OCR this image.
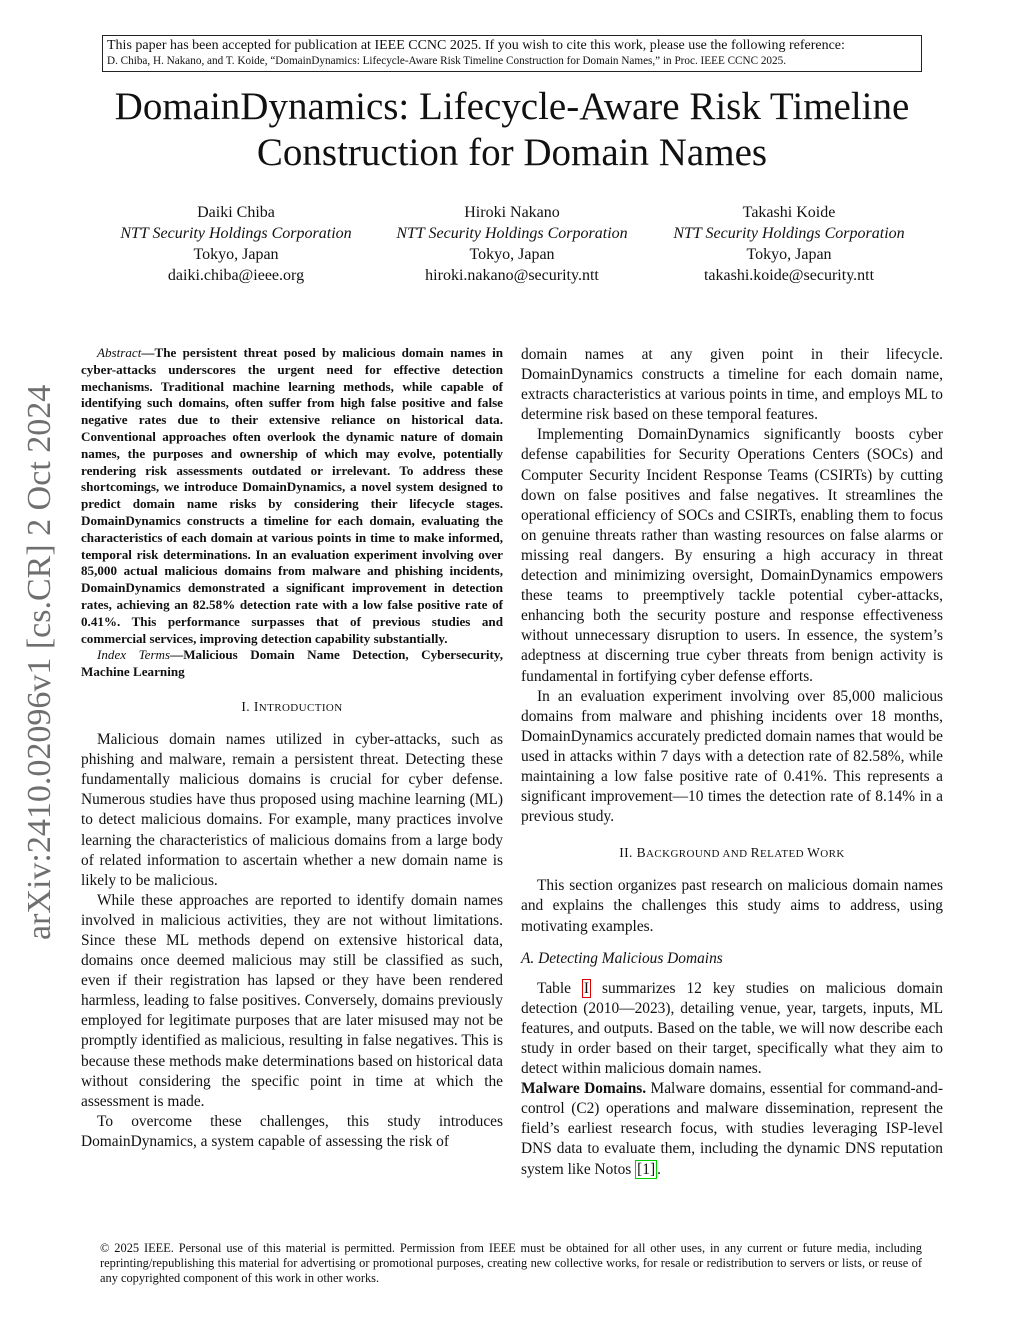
This paper has been accepted for publication at IEEE CCNC 2025. If you wish to cite this work, please use the following reference:
D. Chiba, H. Nakano, and T. Koide, “DomainDynamics: Lifecycle-Aware Risk Timeline Construction for Domain Names,” in Proc. IEEE CCNC 2025.
DomainDynamics: Lifecycle-Aware Risk Timeline
Construction for Domain Names
Daiki Chiba
NTT Security Holdings Corporation
Tokyo, Japan
daiki.chiba@ieee.org
Hiroki Nakano
NTT Security Holdings Corporation
Tokyo, Japan
hiroki.nakano@security.ntt
Takashi Koide
NTT Security Holdings Corporation
Tokyo, Japan
takashi.koide@security.ntt
arXiv:2410.02096v1 [cs.CR] 2 Oct 2024

Abstract—The persistent threat posed by malicious domain names in cyber-attacks underscores the urgent need for effective detection mechanisms. Traditional machine learning methods, while capable of identifying such domains, often suffer from high false positive and false negative rates due to their extensive reliance on historical data. Conventional approaches often overlook the dynamic nature of domain names, the purposes and ownership of which may evolve, potentially rendering risk assessments outdated or irrelevant. To address these shortcomings, we introduce DomainDynamics, a novel system designed to predict domain name risks by considering their lifecycle stages. DomainDynamics constructs a timeline for each domain, evaluating the characteristics of each domain at various points in time to make informed, temporal risk determinations. In an evaluation experiment involving over 85,000 actual malicious domains from malware and phishing incidents, DomainDynamics demonstrated a significant improvement in detection rates, achieving an 82.58% detection rate with a low false positive rate of 0.41%. This performance surpasses that of previous studies and commercial services, improving detection capability substantially.

Index Terms—Malicious Domain Name Detection, Cybersecurity, Machine Learning

I. INTRODUCTION

Malicious domain names utilized in cyber-attacks, such as phishing and malware, remain a persistent threat. Detecting these fundamentally malicious domains is crucial for cyber defense. Numerous studies have thus proposed using machine learning (ML) to detect malicious domains. For example, many practices involve learning the characteristics of malicious domains from a large body of related information to ascertain whether a new domain name is likely to be malicious.

While these approaches are reported to identify domain names involved in malicious activities, they are not without limitations. Since these ML methods depend on extensive historical data, domains once deemed malicious may still be classified as such, even if their registration has lapsed or they have been rendered harmless, leading to false positives. Conversely, domains previously employed for legitimate purposes that are later misused may not be promptly identified as malicious, resulting in false negatives. This is because these methods make determinations based on historical data without considering the specific point in time at which the assessment is made.

To overcome these challenges, this study introduces DomainDynamics, a system capable of assessing the risk of

domain names at any given point in their lifecycle. DomainDynamics constructs a timeline for each domain name, extracts characteristics at various points in time, and employs ML to determine risk based on these temporal features.

Implementing DomainDynamics significantly boosts cyber defense capabilities for Security Operations Centers (SOCs) and Computer Security Incident Response Teams (CSIRTs) by cutting down on false positives and false negatives. It streamlines the operational efficiency of SOCs and CSIRTs, enabling them to focus on genuine threats rather than wasting resources on false alarms or missing real dangers. By ensuring a high accuracy in threat detection and minimizing oversight, DomainDynamics empowers these teams to preemptively tackle potential cyber-attacks, enhancing both the security posture and response effectiveness without unnecessary disruption to users. In essence, the system’s adeptness at discerning true cyber threats from benign activity is fundamental in fortifying cyber defense efforts.

In an evaluation experiment involving over 85,000 malicious domains from malware and phishing incidents over 18 months, DomainDynamics accurately predicted domain names that would be used in attacks within 7 days with a detection rate of 82.58%, while maintaining a low false positive rate of 0.41%. This represents a significant improvement—10 times the detection rate of 8.14% in a previous study.

II. BACKGROUND AND RELATED WORK

This section organizes past research on malicious domain names and explains the challenges this study aims to address, using motivating examples.

A. Detecting Malicious Domains

Table I summarizes 12 key studies on malicious domain detection (2010—2023), detailing venue, year, targets, inputs, ML features, and outputs. Based on the table, we will now describe each study in order based on their target, specifically what they aim to detect within malicious domain names.

Malware Domains. Malware domains, essential for command-and-control (C2) operations and malware dissemination, represent the field’s earliest research focus, with studies leveraging ISP-level DNS data to evaluate them, including the dynamic DNS reputation system like Notos [1] .

© 2025 IEEE. Personal use of this material is permitted. Permission from IEEE must be obtained for all other uses, in any current or future media, including reprinting/republishing this material for advertising or promotional purposes, creating new collective works, for resale or redistribution to servers or lists, or reuse of any copyrighted component of this work in other works.
